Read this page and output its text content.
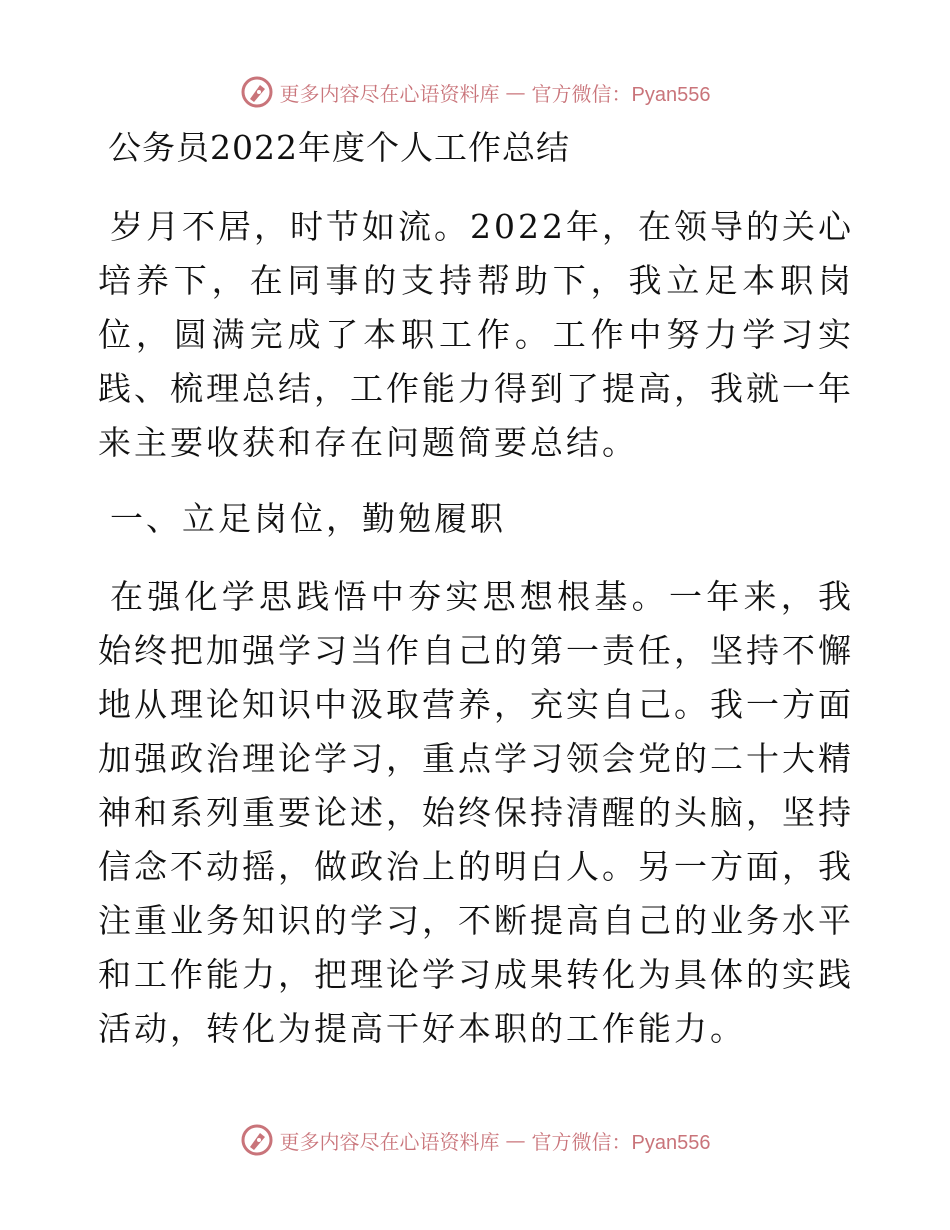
更多内容尽在心语资料库 — 官方微信：Pyan556
公务员2022年度个人工作总结

岁月不居，时节如流。2022年，在领导的关心培养下，在同事的支持帮助下，我立足本职岗位，圆满完成了本职工作。工作中努力学习实践、梳理总结，工作能力得到了提高，我就一年来主要收获和存在问题简要总结。

一、立足岗位，勤勉履职

在强化学思践悟中夯实思想根基。一年来，我始终把加强学习当作自己的第一责任，坚持不懈地从理论知识中汲取营养，充实自己。我一方面加强政治理论学习，重点学习领会党的二十大精神和系列重要论述，始终保持清醒的头脑，坚持信念不动摇，做政治上的明白人。另一方面，我注重业务知识的学习，不断提高自己的业务水平和工作能力，把理论学习成果转化为具体的实践活动，转化为提高干好本职的工作能力。

更多内容尽在心语资料库 — 官方微信：Pyan556
